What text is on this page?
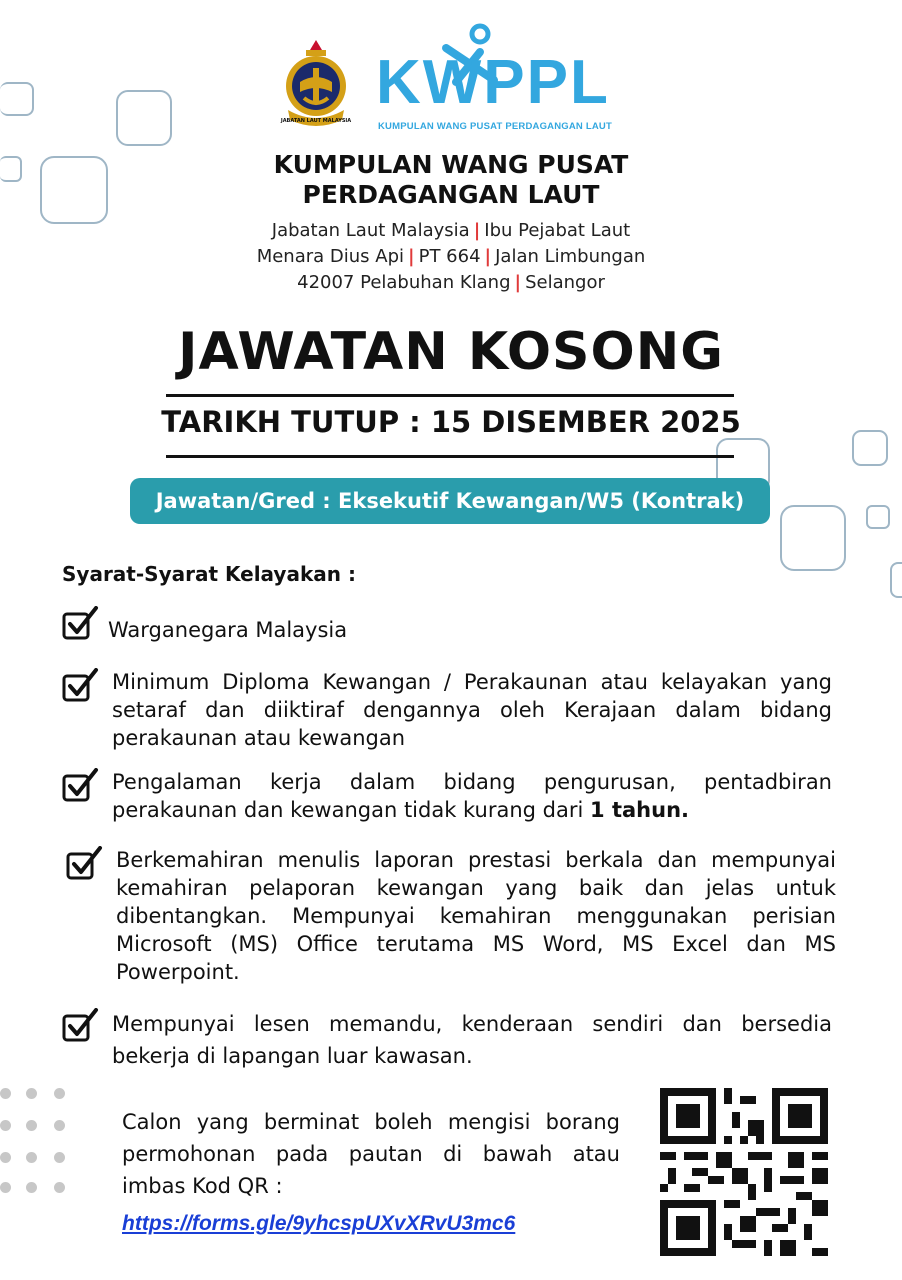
JABATAN LAUT MALAYSIA
KWPPL
KUMPULAN WANG PUSAT PERDAGANGAN LAUT
KUMPULAN WANG PUSAT
PERDAGANGAN LAUT
Jabatan Laut Malaysia | Ibu Pejabat Laut
Menara Dius Api | PT 664 | Jalan Limbungan
42007 Pelabuhan Klang | Selangor
JAWATAN KOSONG
TARIKH TUTUP : 15 DISEMBER 2025
Jawatan/Gred : Eksekutif Kewangan/W5 (Kontrak)
Syarat-Syarat Kelayakan :
Warganegara Malaysia
Minimum Diploma Kewangan / Perakaunan atau kelayakan yang setaraf dan diiktiraf dengannya oleh Kerajaan dalam bidang perakaunan atau kewangan
Pengalaman kerja dalam bidang pengurusan, pentadbiran perakaunan dan kewangan tidak kurang dari 1 tahun.
Berkemahiran menulis laporan prestasi berkala dan mempunyai kemahiran pelaporan kewangan yang baik dan jelas untuk dibentangkan. Mempunyai kemahiran menggunakan perisian Microsoft (MS) Office terutama MS Word, MS Excel dan MS Powerpoint.
Mempunyai lesen memandu, kenderaan sendiri dan bersedia bekerja di lapangan luar kawasan.
Calon yang berminat boleh mengisi borang permohonan pada pautan di bawah atau imbas Kod QR :
https://forms.gle/9yhcspUXvXRvU3mc6
